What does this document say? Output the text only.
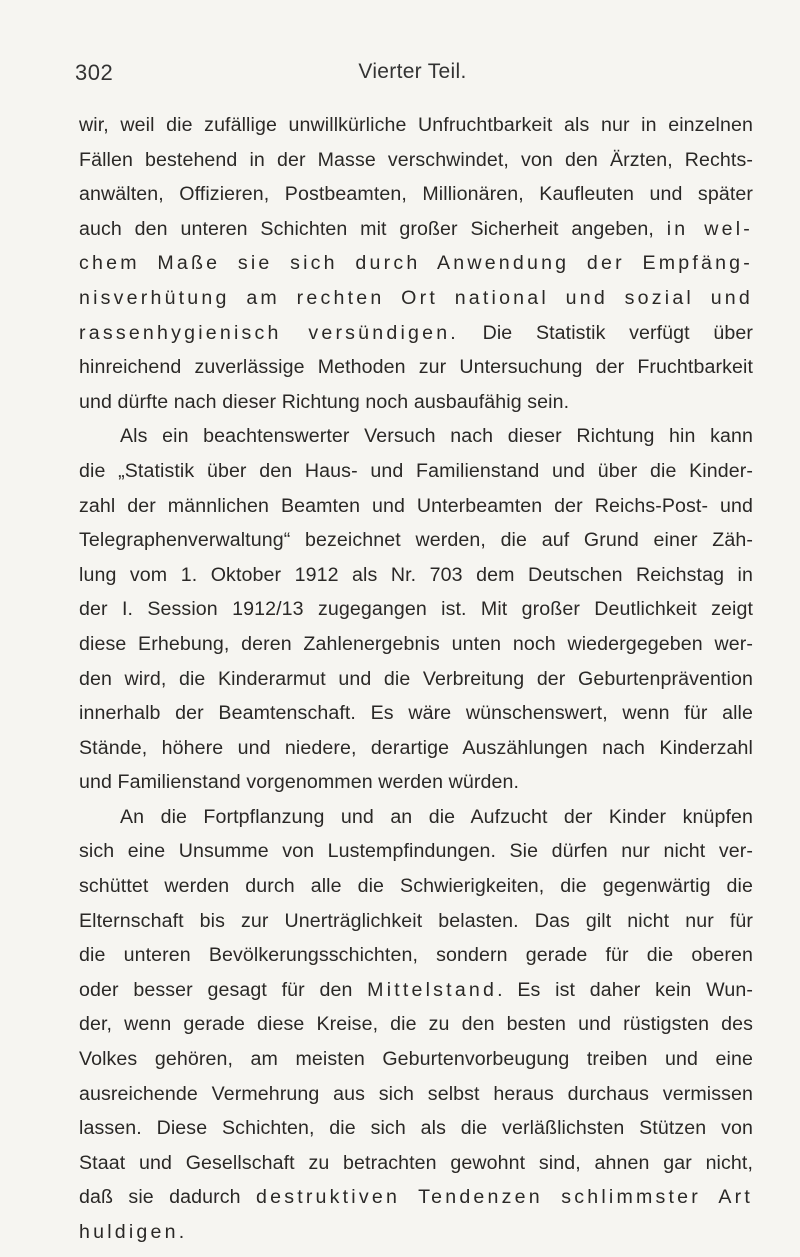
302	Vierter Teil.
wir, weil die zufällige unwillkürliche Unfruchtbarkeit als nur in einzelnen
Fällen bestehend in der Masse verschwindet, von den Ärzten, Rechts-
anwälten, Offizieren, Postbeamten, Millionären, Kaufleuten und später
auch den unteren Schichten mit großer Sicherheit angeben, in wel-
chem Maße sie sich durch Anwendung der Empfäng-
nisverhütung am rechten Ort national und sozial und
rassenhygienisch versündigen. Die Statistik verfügt über
hinreichend zuverlässige Methoden zur Untersuchung der Fruchtbarkeit
und dürfte nach dieser Richtung noch ausbaufähig sein.
Als ein beachtenswerter Versuch nach dieser Richtung hin kann
die „Statistik über den Haus- und Familienstand und über die Kinder-
zahl der männlichen Beamten und Unterbeamten der Reichs-Post- und
Telegraphenverwaltung“ bezeichnet werden, die auf Grund einer Zäh-
lung vom 1. Oktober 1912 als Nr. 703 dem Deutschen Reichstag in
der I. Session 1912/13 zugegangen ist. Mit großer Deutlichkeit zeigt
diese Erhebung, deren Zahlenergebnis unten noch wiedergegeben wer-
den wird, die Kinderarmut und die Verbreitung der Geburtenprävention
innerhalb der Beamtenschaft. Es wäre wünschenswert, wenn für alle
Stände, höhere und niedere, derartige Auszählungen nach Kinderzahl
und Familienstand vorgenommen werden würden.
An die Fortpflanzung und an die Aufzucht der Kinder knüpfen
sich eine Unsumme von Lustempfindungen. Sie dürfen nur nicht ver-
schüttet werden durch alle die Schwierigkeiten, die gegenwärtig die
Elternschaft bis zur Unerträglichkeit belasten. Das gilt nicht nur für
die unteren Bevölkerungsschichten, sondern gerade für die oberen
oder besser gesagt für den Mittelstand. Es ist daher kein Wun-
der, wenn gerade diese Kreise, die zu den besten und rüstigsten des
Volkes gehören, am meisten Geburtenvorbeugung treiben und eine
ausreichende Vermehrung aus sich selbst heraus durchaus vermissen
lassen. Diese Schichten, die sich als die verläßlichsten Stützen von
Staat und Gesellschaft zu betrachten gewohnt sind, ahnen gar nicht,
daß sie dadurch destruktiven Tendenzen schlimmster Art
huldigen.
